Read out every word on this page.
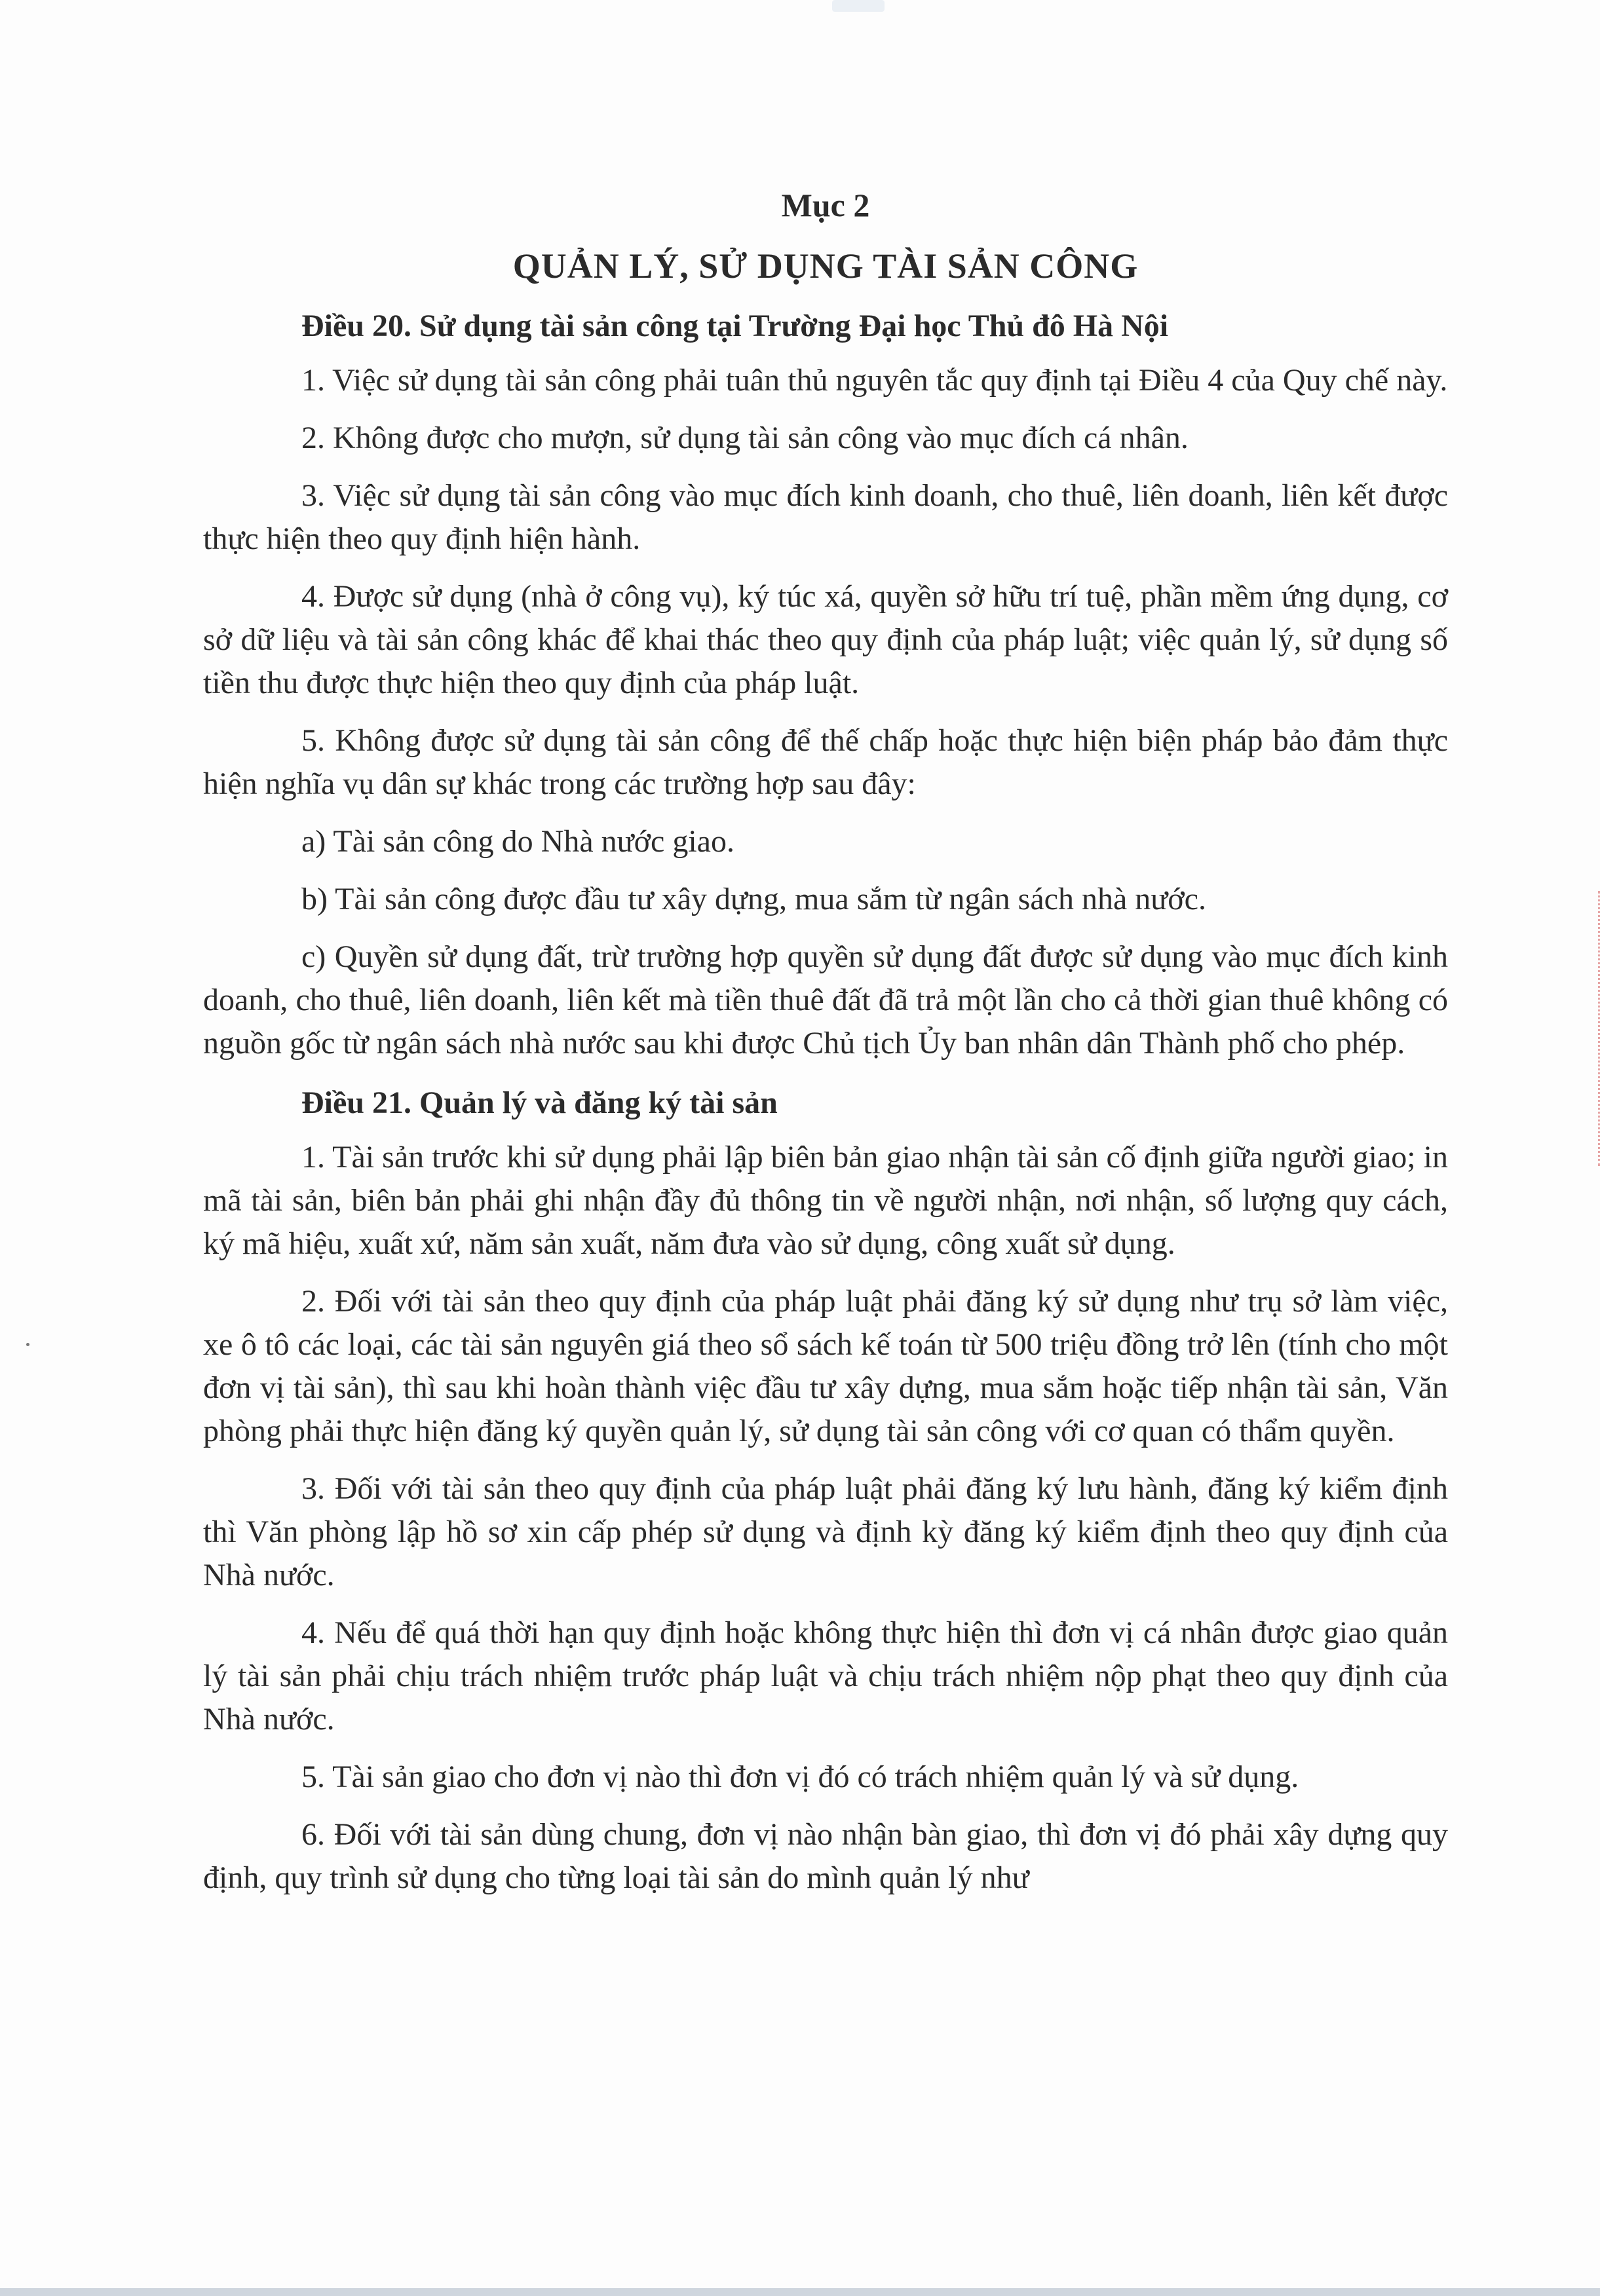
Mục 2
QUẢN LÝ, SỬ DỤNG TÀI SẢN CÔNG
Điều 20. Sử dụng tài sản công tại Trường Đại học Thủ đô Hà Nội

1. Việc sử dụng tài sản công phải tuân thủ nguyên tắc quy định tại Điều 4 của Quy chế này.

2. Không được cho mượn, sử dụng tài sản công vào mục đích cá nhân.

3. Việc sử dụng tài sản công vào mục đích kinh doanh, cho thuê, liên doanh, liên kết được thực hiện theo quy định hiện hành.

4. Được sử dụng (nhà ở công vụ), ký túc xá, quyền sở hữu trí tuệ, phần mềm ứng dụng, cơ sở dữ liệu và tài sản công khác để khai thác theo quy định của pháp luật; việc quản lý, sử dụng số tiền thu được thực hiện theo quy định của pháp luật.

5. Không được sử dụng tài sản công để thế chấp hoặc thực hiện biện pháp bảo đảm thực hiện nghĩa vụ dân sự khác trong các trường hợp sau đây:

a) Tài sản công do Nhà nước giao.

b) Tài sản công được đầu tư xây dựng, mua sắm từ ngân sách nhà nước.

c) Quyền sử dụng đất, trừ trường hợp quyền sử dụng đất được sử dụng vào mục đích kinh doanh, cho thuê, liên doanh, liên kết mà tiền thuê đất đã trả một lần cho cả thời gian thuê không có nguồn gốc từ ngân sách nhà nước sau khi được Chủ tịch Ủy ban nhân dân Thành phố cho phép.

Điều 21. Quản lý và đăng ký tài sản

1. Tài sản trước khi sử dụng phải lập biên bản giao nhận tài sản cố định giữa người giao; in mã tài sản, biên bản phải ghi nhận đầy đủ thông tin về người nhận, nơi nhận, số lượng quy cách, ký mã hiệu, xuất xứ, năm sản xuất, năm đưa vào sử dụng, công xuất sử dụng.

2. Đối với tài sản theo quy định của pháp luật phải đăng ký sử dụng như trụ sở làm việc, xe ô tô các loại, các tài sản nguyên giá theo sổ sách kế toán từ 500 triệu đồng trở lên (tính cho một đơn vị tài sản), thì sau khi hoàn thành việc đầu tư xây dựng, mua sắm hoặc tiếp nhận tài sản, Văn phòng phải thực hiện đăng ký quyền quản lý, sử dụng tài sản công với cơ quan có thẩm quyền.

3. Đối với tài sản theo quy định của pháp luật phải đăng ký lưu hành, đăng ký kiểm định thì Văn phòng lập hồ sơ xin cấp phép sử dụng và định kỳ đăng ký kiểm định theo quy định của Nhà nước.

4. Nếu để quá thời hạn quy định hoặc không thực hiện thì đơn vị cá nhân được giao quản lý tài sản phải chịu trách nhiệm trước pháp luật và chịu trách nhiệm nộp phạt theo quy định của Nhà nước.

5. Tài sản giao cho đơn vị nào thì đơn vị đó có trách nhiệm quản lý và sử dụng.

6. Đối với tài sản dùng chung, đơn vị nào nhận bàn giao, thì đơn vị đó phải xây dựng quy định, quy trình sử dụng cho từng loại tài sản do mình quản lý như
